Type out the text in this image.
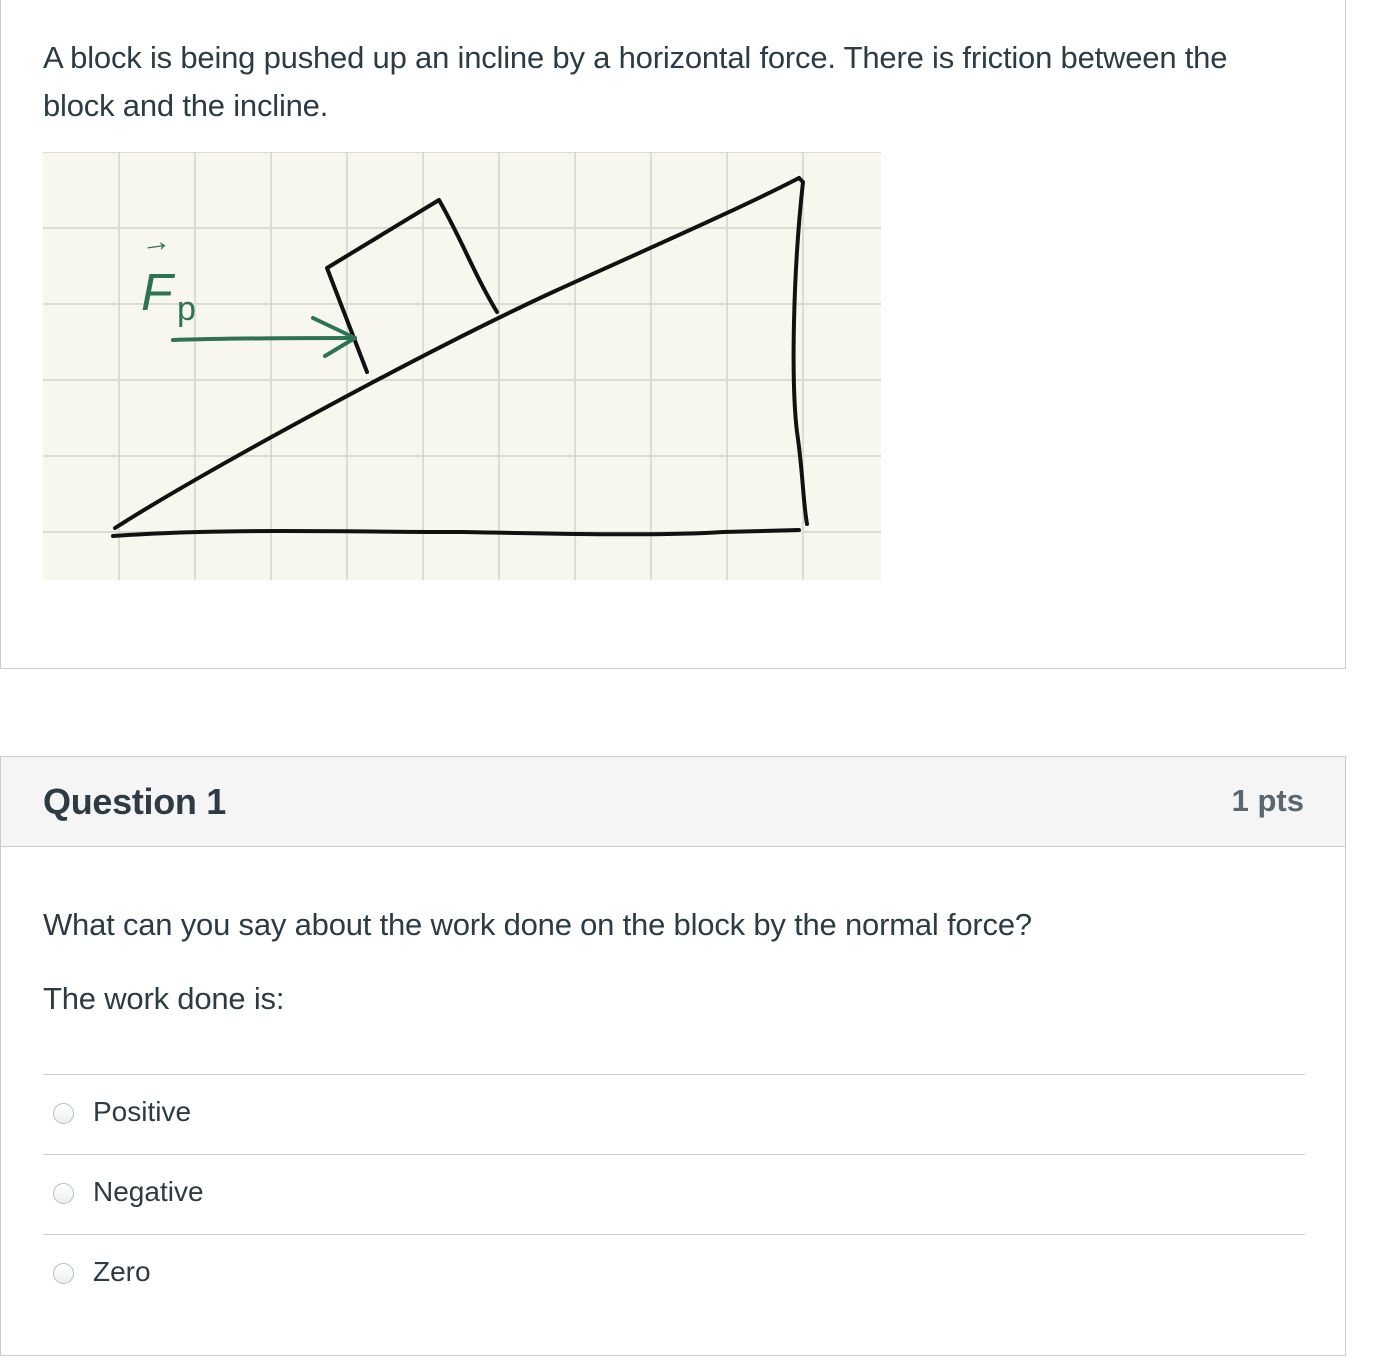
A block is being pushed up an incline by a horizontal force. There is friction between the block and the incline.
→
F p
Question 1	1 pts
What can you say about the work done on the block by the normal force?
The work done is:
Positive
Negative
Zero
